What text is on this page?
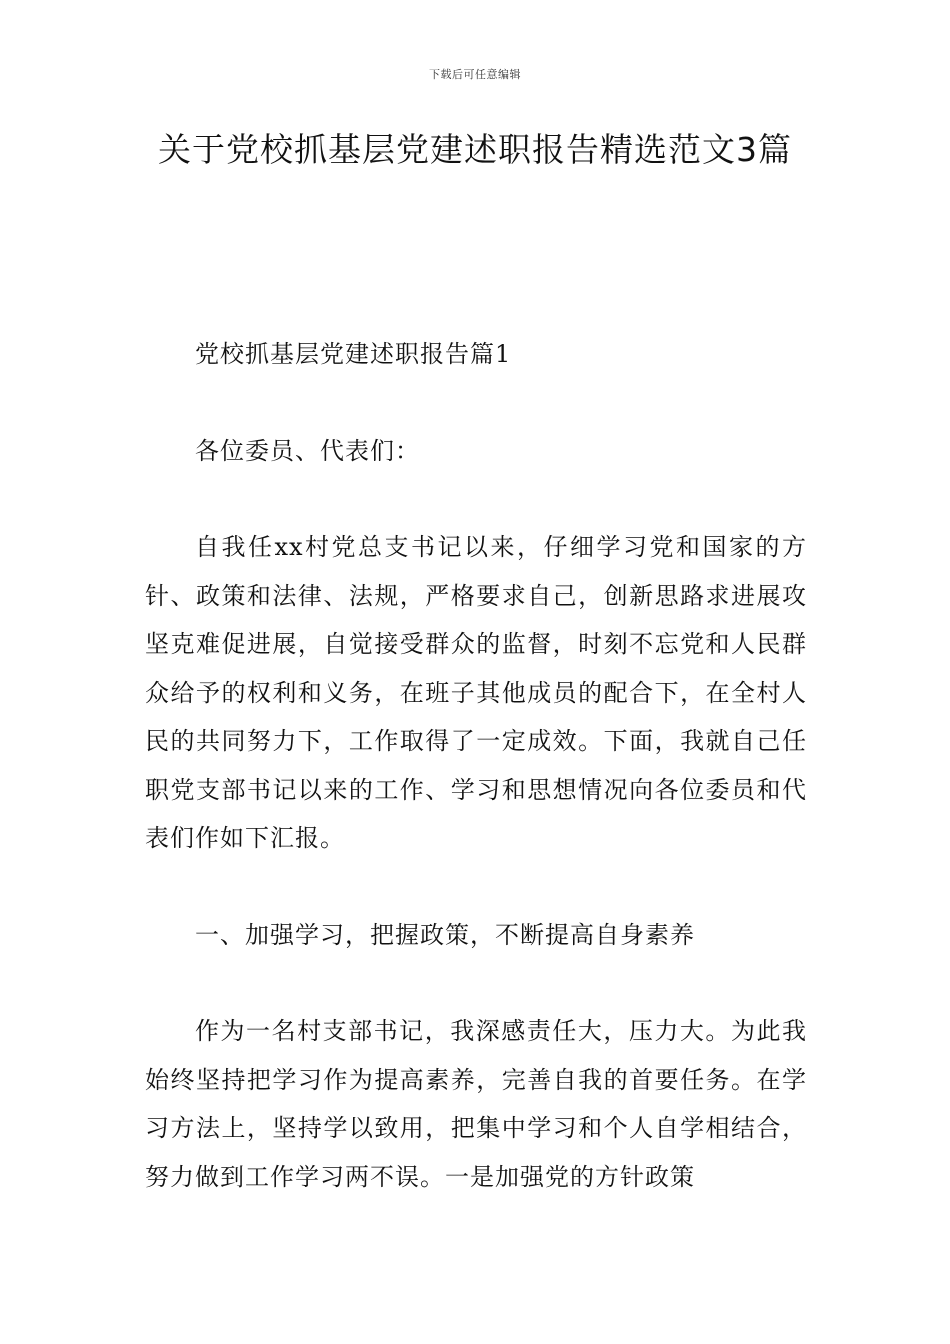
下载后可任意编辑
关于党校抓基层党建述职报告精选范文3篇

党校抓基层党建述职报告篇1

各位委员、代表们：

自我任xx村党总支书记以来，仔细学习党和国家的方针、政策和法律、法规，严格要求自己，创新思路求进展攻坚克难促进展，自觉接受群众的监督，时刻不忘党和人民群众给予的权利和义务，在班子其他成员的配合下，在全村人民的共同努力下，工作取得了一定成效。下面，我就自己任职党支部书记以来的工作、学习和思想情况向各位委员和代表们作如下汇报。

一、加强学习，把握政策，不断提高自身素养

作为一名村支部书记，我深感责任大，压力大。为此我始终坚持把学习作为提高素养，完善自我的首要任务。在学习方法上，坚持学以致用，把集中学习和个人自学相结合，努力做到工作学习两不误。一是加强党的方针政策
